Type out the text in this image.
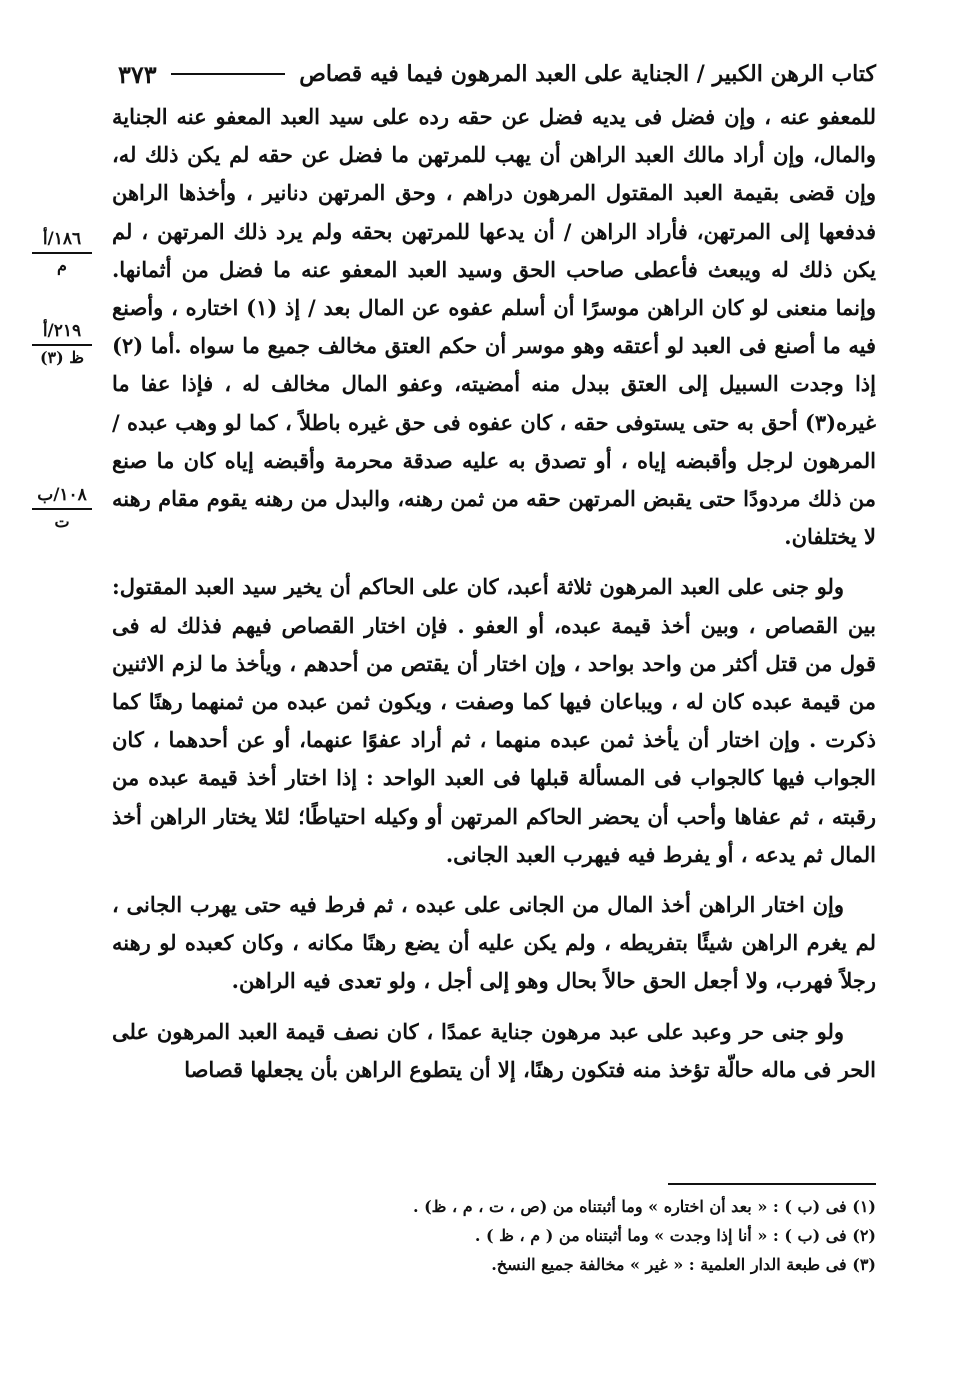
كتاب الرهن الكبير / الجناية على العبد المرهون فيما فيه قصاص
٣٧٣
١٨٦/أ
م
٢١٩/أ
ظ (٣)
١٠٨/ب
ت

للمعفو عنه ، وإن فضل فى يديه فضل عن حقه رده على سيد العبد المعفو عنه الجناية والمال، وإن أراد مالك العبد الراهن أن يهب للمرتهن ما فضل عن حقه لم يكن ذلك له، وإن قضى بقيمة العبد المقتول المرهون دراهم ، وحق المرتهن دنانير ، وأخذها الراهن فدفعها إلى المرتهن، فأراد الراهن / أن يدعها للمرتهن بحقه ولم يرد ذلك المرتهن ، لم يكن ذلك له ويبعث فأعطى صاحب الحق وسيد العبد المعفو عنه ما فضل من أثمانها. وإنما منعنى لو كان الراهن موسرًا أن أسلم عفوه عن المال بعد / إذ (١) اختاره ، وأصنع فيه ما أصنع فى العبد لو أعتقه وهو موسر أن حكم العتق مخالف جميع ما سواه .أما (٢) إذا وجدت السبيل إلى العتق ببدل منه أمضيته، وعفو المال مخالف له ، فإذا عفا ما غيره(٣) أحق به حتى يستوفى حقه ، كان عفوه فى حق غيره باطلاً ، كما لو وهب عبده / المرهون لرجل وأقبضه إياه ، أو تصدق به عليه صدقة محرمة وأقبضه إياه كان ما صنع من ذلك مردودًا حتى يقبض المرتهن حقه من ثمن رهنه، والبدل من رهنه يقوم مقام رهنه لا يختلفان.

ولو جنى على العبد المرهون ثلاثة أعبد، كان على الحاكم أن يخير سيد العبد المقتول: بين القصاص ، وبين أخذ قيمة عبده، أو العفو . فإن اختار القصاص فيهم فذلك له فى قول من قتل أكثر من واحد بواحد ، وإن اختار أن يقتص من أحدهم ، ويأخذ ما لزم الاثنين من قيمة عبده كان له ، ويباعان فيها كما وصفت ، ويكون ثمن عبده من ثمنهما رهنًا كما ذكرت . وإن اختار أن يأخذ ثمن عبده منهما ، ثم أراد عفوًا عنهما، أو عن أحدهما ، كان الجواب فيها كالجواب فى المسألة قبلها فى العبد الواحد : إذا اختار أخذ قيمة عبده من رقبته ، ثم عفاها وأحب أن يحضر الحاكم المرتهن أو وكيله احتياطًا؛ لئلا يختار الراهن أخذ المال ثم يدعه ، أو يفرط فيه فيهرب العبد الجانى.

وإن اختار الراهن أخذ المال من الجانى على عبده ، ثم فرط فيه حتى يهرب الجانى ، لم يغرم الراهن شيئًا بتفريطه ، ولم يكن عليه أن يضع رهنًا مكانه ، وكان كعبده لو رهنه رجلاً فهرب، ولا أجعل الحق حالاً بحال وهو إلى أجل ، ولو تعدى فيه الراهن.

ولو جنى حر وعبد على عبد مرهون جناية عمدًا ، كان نصف قيمة العبد المرهون على الحر فى ماله حالّة تؤخذ منه فتكون رهنًا، إلا أن يتطوع الراهن بأن يجعلها قصاصا

(١) فى (ب ) : « بعد أن اختاره » وما أثبتناه من (ص ، ت ، م ، ظ) .

(٢) فى (ب ) : « أنا إذا وجدت » وما أثبتناه من ( م ، ظ ) .

(٣) فى طبعة الدار العلمية : « غير » مخالفة جميع النسخ.
